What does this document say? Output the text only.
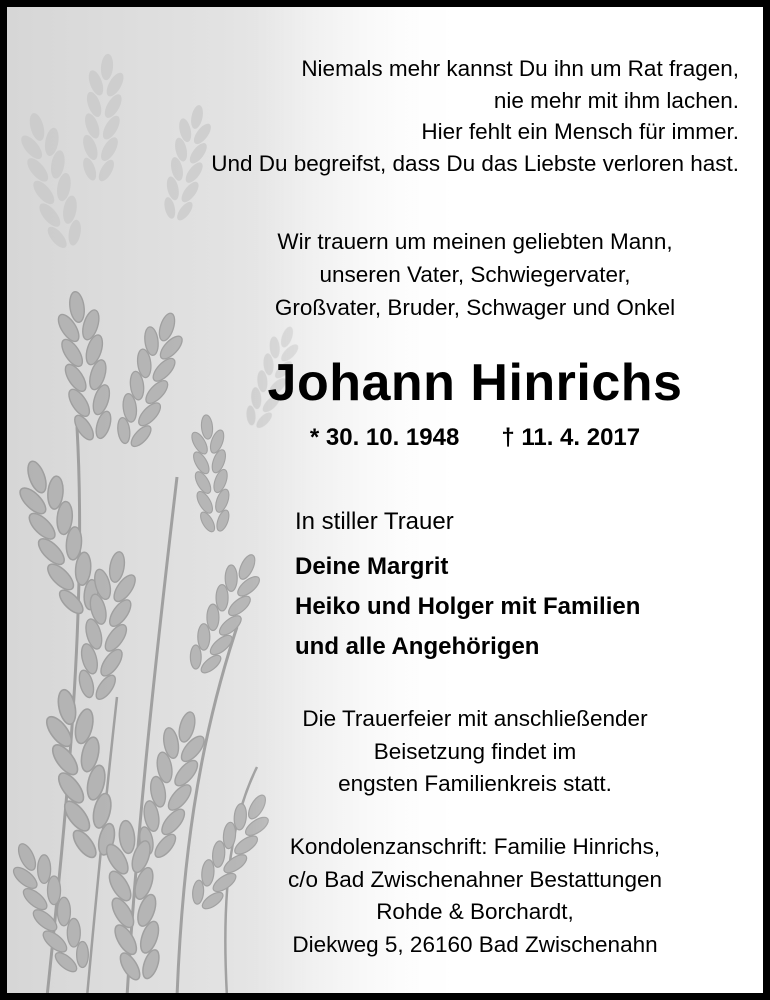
Niemals mehr kannst Du ihn um Rat fragen,
nie mehr mit ihm lachen.
Hier fehlt ein Mensch für immer.
Und Du begreifst, dass Du das Liebste verloren hast.

Wir trauern um meinen geliebten Mann,
unseren Vater, Schwiegervater,
Großvater, Bruder, Schwager und Onkel

Johann Hinrichs

* 30. 10. 1948 † 11. 4. 2017

In stiller Trauer

Deine Margrit
Heiko und Holger mit Familien
und alle Angehörigen

Die Trauerfeier mit anschließender
Beisetzung findet im
engsten Familienkreis statt.

Kondolenzanschrift: Familie Hinrichs,
c/o Bad Zwischenahner Bestattungen
Rohde & Borchardt,
Diekweg 5, 26160 Bad Zwischenahn
